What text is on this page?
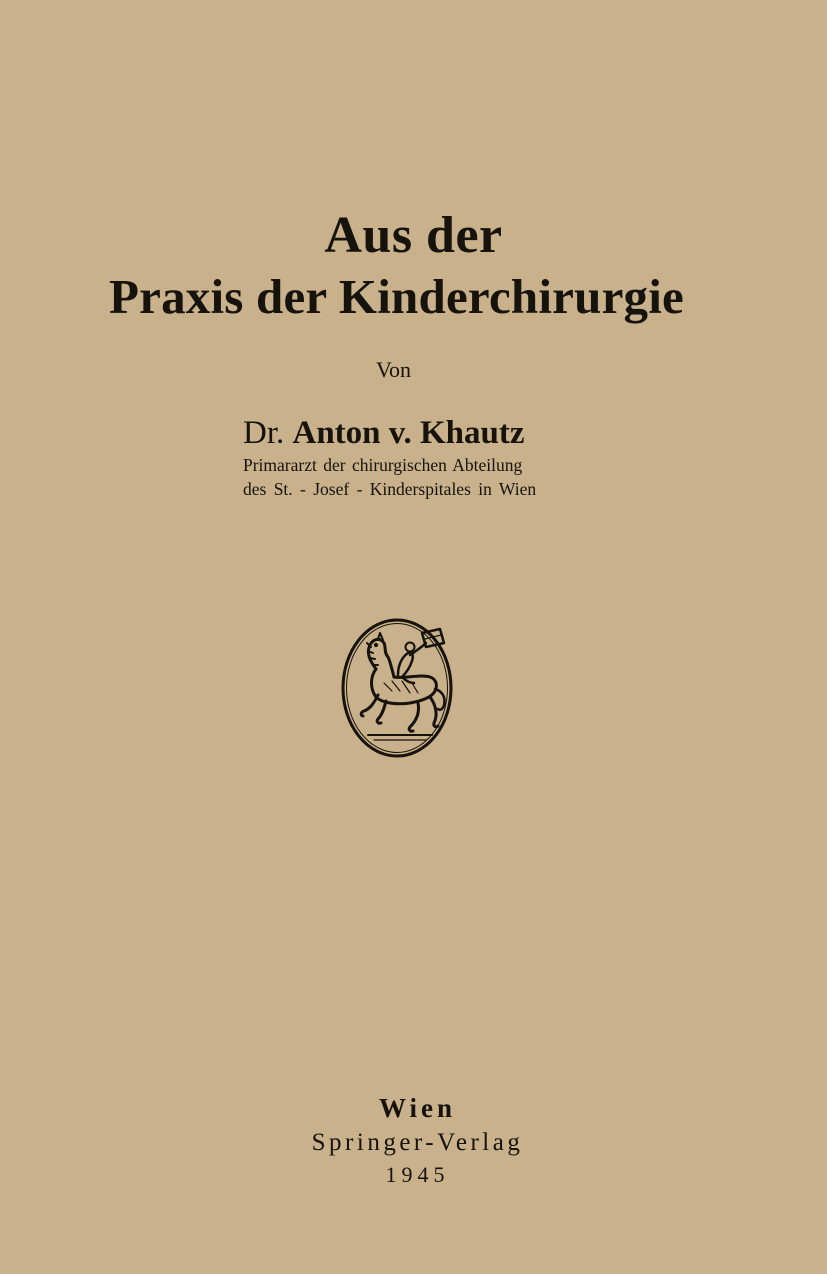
Aus der
Praxis der Kinderchirurgie
Von
Dr. Anton v. Khautz
Primararzt der chirurgischen Abteilung
des St. - Josef - Kinderspitales in Wien
Wien
Springer-Verlag
1945
